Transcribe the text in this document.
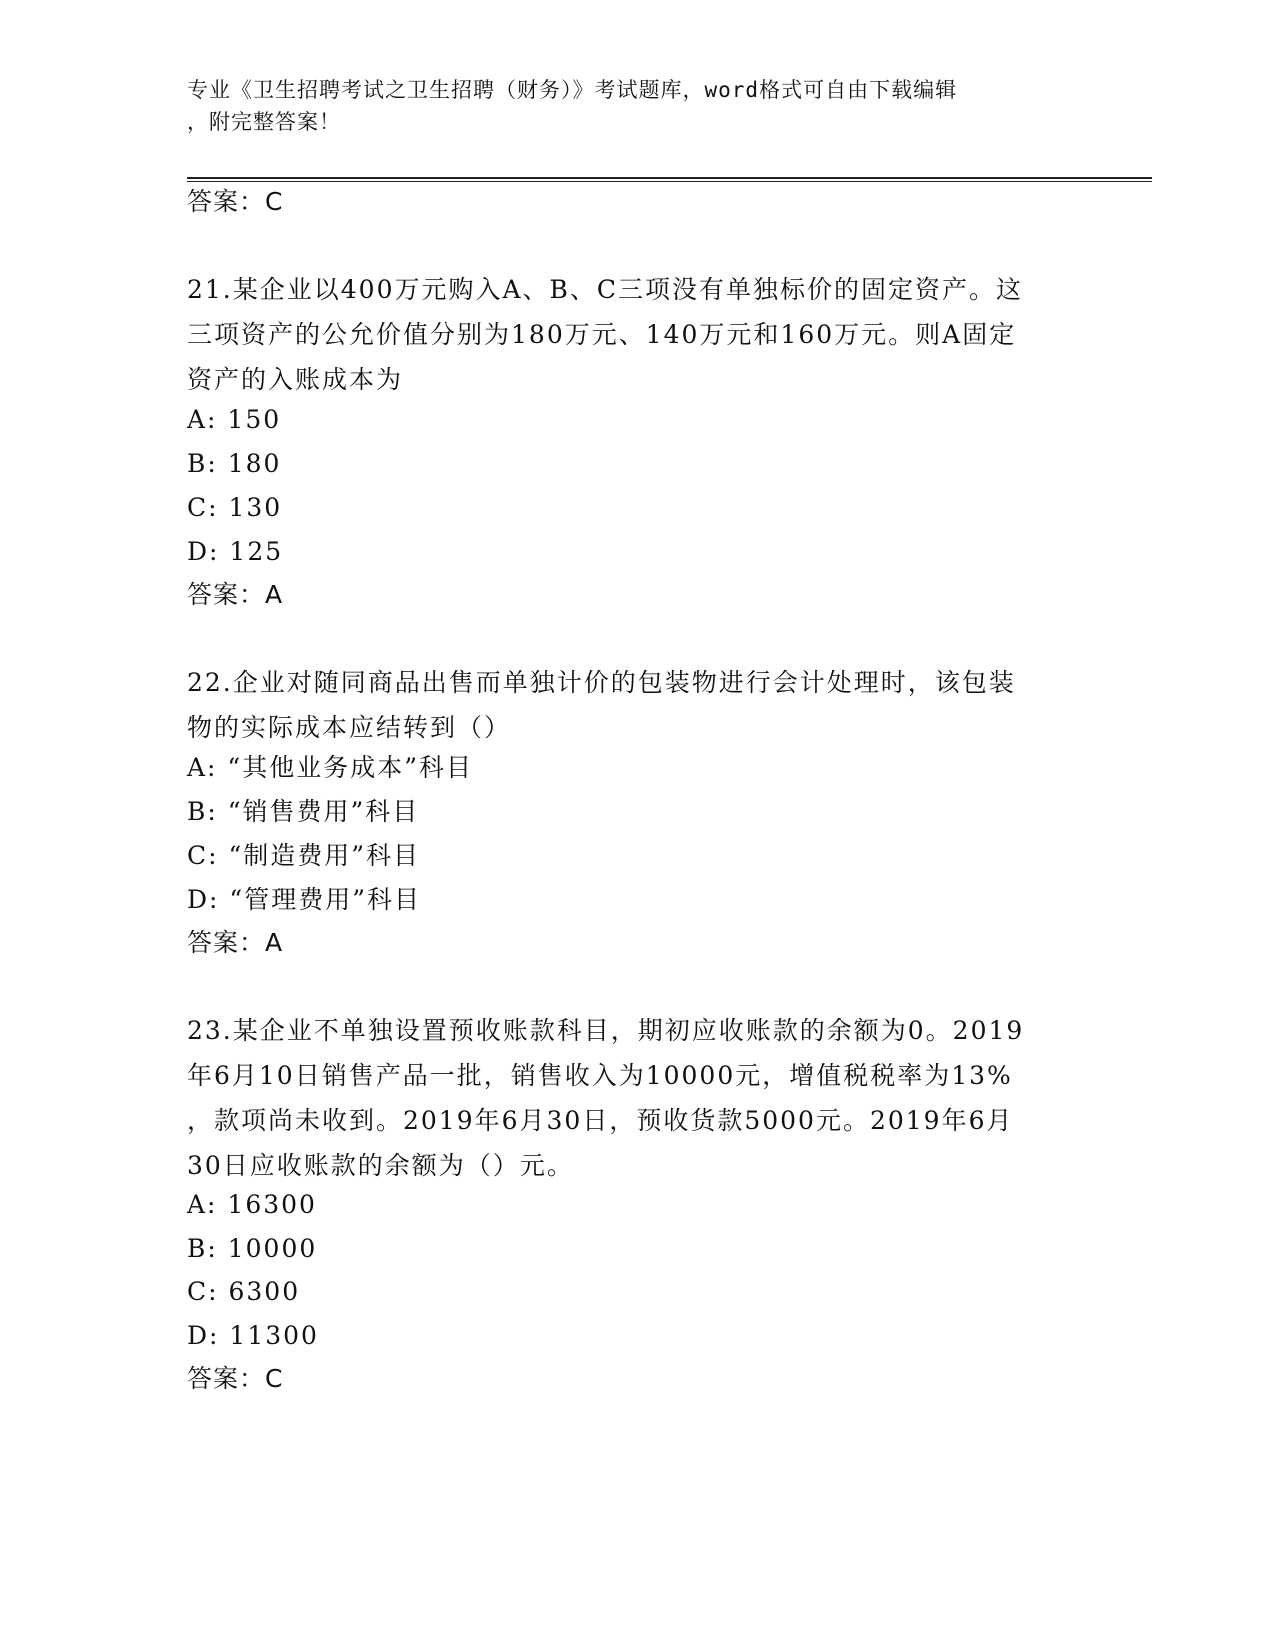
专业《卫生招聘考试之卫生招聘（财务）》考试题库，word格式可自由下载编辑
，附完整答案！
答案：C
21.某企业以400万元购入A、B、C三项没有单独标价的固定资产。这
三项资产的公允价值分别为180万元、140万元和160万元。则A固定
资产的入账成本为
A: 150
B: 180
C: 130
D: 125
答案：A
22.企业对随同商品出售而单独计价的包装物进行会计处理时，该包装
物的实际成本应结转到（）
A: “其他业务成本”科目
B: “销售费用”科目
C: “制造费用”科目
D: “管理费用”科目
答案：A
23.某企业不单独设置预收账款科目，期初应收账款的余额为0。2019
年6月10日销售产品一批，销售收入为10000元，增值税税率为13%
，款项尚未收到。2019年6月30日，预收货款5000元。2019年6月
30日应收账款的余额为（）元。
A: 16300
B: 10000
C: 6300
D: 11300
答案：C
